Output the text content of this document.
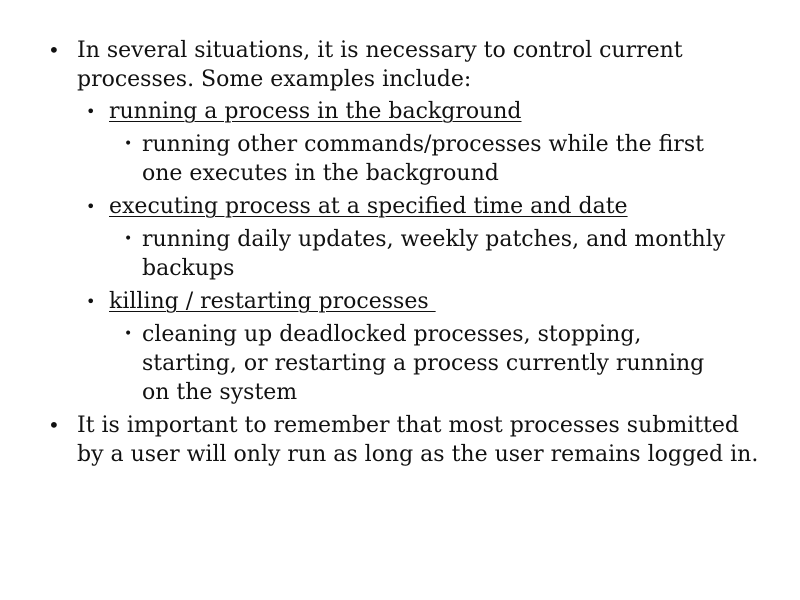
• In several situations, it is necessary to control current processes. Some examples include:
• running a process in the background
• running other commands/processes while the first one executes in the background
• executing process at a specified time and date
• running daily updates, weekly patches, and monthly backups
• killing / restarting processes
• cleaning up deadlocked processes, stopping, starting, or restarting a process currently running on the system
• It is important to remember that most processes submitted by a user will only run as long as the user remains logged in.
